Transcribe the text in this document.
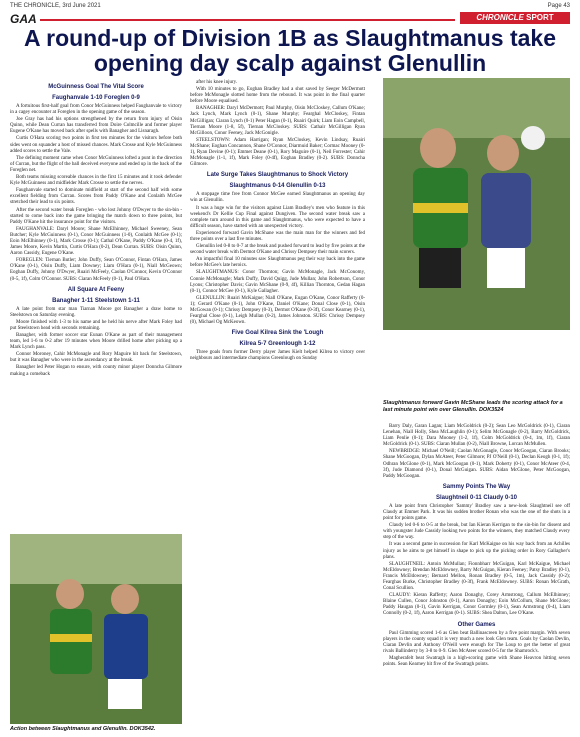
THE CHRONICLE, 3rd June 2021	Page 43
GAA	CHRONICLE SPORT
A round-up of Division 1B as Slaughtmanus take opening day scalp against Glenullin
McGuinness Goal The Vital Score
Faughanvale 1-10 Foreglen 0-9

A fortuitous first-half goal from Conor McGuinness helped Faughanvale to victory in a cagey encounter at Foreglen in the opening game of the season.

Joe Gray has had his options strengthened by the return from injury of Oisin Quinn, while Dean Curran has transferred from Doire Colmcille and former player Eugene O'Kane has moved back after spells with Banagher and Lisnaragh.

Curtis O'Hara scoring two points in first ten minutes for the visitors before both sides went on squander a host of missed chances. Mark Crosse and Kyle McGuinness added scores to settle the Vale.

The defining moment came when Conor McGuinness lofted a punt in the direction of Curran, but the flight of the ball deceived everyone and ended up in the back of the Foreglen net.

Both teams missing scoreable chances in the first 15 minutes and it took defender Kyle McGuinness and midfielder Mark Crosse to settle the nerves.

Faughanvale started to dominate midfield at start of the second half with some excellent fielding from Curran. Scores from Paddy O'Kane and Conlaith McGee stretched their lead to six points.

After the second water break Foreglen - who lost Johnny O'Dwyer to the sin-bin - started to come back into the game bringing the match down to three points, but Paddy O'Kane hit the insurance point for the visitors.

FAUGHANVALE: Daryl Moore; Shane McElhinney, Michael Sweeney, Sean Butcher; Kyle McGuinness (0-1), Conor McGuinness (1-0), Conlaith McGee (0-1); Eoin McElhinney (0-1), Mark Crosse (0-1); Cathal O'Kane, Paddy O'Kane (0-4, 1f), James Moore, Kevin Martin, Curtis O'Hara (0-2), Dean Curran. SUBS: Oisin Quinn, Aaron Cassidy, Eugene O'Kane.

FOREGLEN: Tiernan Butler; John Duffy, Sean O'Connor, Fintan O'Hara, James O'Kane (0-1), Oisin Duffy, Liam Downey; Liam O'Hara (0-1), Niall McGeown; Eoghan Duffy, Johnny O'Dwyer, Ruairi McFeely, Caolan O'Connor, Kevin O'Connor (0-5, 1f), Colm O'Connor. SUBS: Ciaran McFeely (0-1), Paul O'Hara.

All Square At Feeny
Banagher 1-11 Steelstown 1-11

A late point from star man Tiarnan Moore got Banagher a draw home to Steelstown on Saturday evening.

Moore finished with 1-3 to his name and he held his nerve after Mark Foley had put Steelstown head with seconds remaining.

Banagher, with former soccer star Eunan O'Kane as part of their management team, led 1-6 to 0-2 after 19 minutes when Moore drilled home after picking up a Mark Lynch pass.

Connor Moroney, Cahir McMonagle and Rory Maguire hit back for Steelstown, but it was Banagher who were in the ascendancy at the break.

Banagher led Peter Hogan to ensure, with county minor player Donncha Gilmore making a comeback

after his knee injury.

With 10 minutes to go, Eoghan Bradley had a shot saved by Seeger McDermott before McMonagle slotted home from the rebound. It was point in the final quarter before Moore equalised.

BANAGHER: Daryl McDermott; Paul Murphy, Oisin McCloskey, Callum O'Kane; Jack Lynch, Mark Lynch (0-1), Shane Murphy; Fearghal McCloskey, Fintan McGilligan; Ciaran Lynch (0-1) Peter Hagan (0-1), Ruairi Quirk; Liam Eoin Campbell, Tiernan Moore (1-8, 5f), Tiernan McCloskey. SUBS: Cathair McGilligan Ryan McGilloon, Conor Feeney, Jack McGonigle.

STEELSTOWN: Adam Harrigan; Ryan McCloskey, Kevin Lindsay, Ruairi McShane; Eoghan Concannon, Shane O'Connor, Diarmuid Baker; Cormac Mooney (0-1), Ryan Devine (0-1); Emmet Deane (0-1), Rory Maguire (0-1), Neil Forrester; Cahir McMonagle (1-1, 1f), Mark Foley (0-4f), Eoghan Bradley (0-2). SUBS: Donncha Gilmore.

Late Surge Takes Slaughtmanus to Shock Victory
Slaughtmanus 0-14 Glenullin 0-13

A stoppage time free from Connor McGee earned Slaughtmanus an opening day win at Glenullin.

It was a huge win for the visitors against Liam Bradley's men who feature in this weekend's Dr Kellie Cup Final against Dungiven. The second water break saw a complete turn around in this game and Slaughtmanus, who were expected to have a difficult season, have started with an unexpected victory.

Experienced forward Gavin McShane was the main man for the winners and fed three points over a last five minutes.

Glenullin led 0-8 to 0-7 at the break and pushed forward to lead by five points at the second water break with Dermot O'Kane and Chrissy Dempsey their main scorers.

An impactful final 10 minutes saw Slaughtmanus peg their way back into the game before McGee's late heroics.

SLAUGHTMANUS: Conor Thornton; Gavin McMonagle, Jack McConomy, Connie McMonagle; Mark Duffy, David Quigg, Jude Mullan; John Robertson, Conor Lyons; Christopher Davis; Gavin McShane (0-9, 4f), Killian Thornton, Gedan Hagan (0-1), Connor McGee (0-1), Kyle Gallagher.

GLENULLIN: Ruairi McKaigue; Niall O'Kane, Eugan O'Kane, Conor Rafferty (0-1); Gerard O'Kane (0-1), John O'Kane, Daniel O'Kane; Donal Close (0-1), Oisin McGowan (0-1); Chrissy Dempsey (0-3), Dermot O'Kane (0-3f), Conor Kearney (0-1), Fearghal Close (0-1), Leigh Mullan (0-2), James Johnston. SUBS: Chrissy Dempsey (0), Michael Og McKeown.

Five Goal Kilrea Sink the 'Lough
Kilrea 5-7 Greenlough 1-12

Three goals from former Derry player James Kielt helped Kilrea to victory over neighbours and intermediate champions Greenlough on Sunday

Slaughtmanus forward Gavin McShane leads the scoring attack for a last minute point win over Glenullin. DOK3524

Barry Daly, Garan Lagan; Liam McGoldrick (0-2); Sean Leo McGoldrick (0-1), Ciaran Lenehan, Niall Holly, Shea McLaughlin (0-1); Selim McGonagle (0-2), Barry McGoldrick, Liam Penlie (0-1); Dara Mooney (1-2, 1f), Colm McGoldrick (0-4, 1m, 1f), Ciaran McGoldrick (0-1). SUBS: Ciaran Mullan (0-2), Niall Browne, Lorcan McMullen.

NEWBRIDGE: Michael O'Neill; Caolan McGonagle, Conor McGoogan, Ciaran Brooks; Shane McGoogan, Dylan McAteer, Peter Gilmore; PJ O'Neill (0-1), Declan Keogh (0-1, 1f); Odhran McGlone (0-1), Mark McGoogan (0-1), Mark Doherty (0-1), Conor McAteer (0-4, 3f), Jude Diamond (0-1), Donal McGuigan. SUBS: Aidan McGlone, Peter McGoogan, Paddy McGoogan.

Sammy Points The Way
Slaughtneil 0-11 Claudy 0-10

A late point from Christopher 'Sammy' Bradley saw a new-look Slaughtneil see off Claudy at Emmet Park. It was his sudden brother Ronan who was the one of the shots in a point for points game.

Claudy led 0-6 to 0-5 at the break, but Ian Kieran Kerrigan to the sin-bin for dissent and with youngster Jude Cassidy looking two points for the winners, they matched Claudy every step of the way.

It was a second game in succession for Karl McKaigue on his way back from an Achilles injury as he aims to get himself in shape to pick up the picking order in Rory Gallagher's plans.

SLAUGHTNEIL: Antoin McMullan; Fionnbharr McGuigan, Karl McKaigue, Michael McEldowney; Brendan McEldowney, Barry McGuigan, Kieran Feeney; Patsy Bradley (0-1), Francis McEldowney; Bernard Mellon, Ronan Bradley (0-5, 1m), Jack Cassidy (0-2); Fearghas Burke, Christopher Bradley (0-3f), Frank McEldowney. SUBS: Ronan McGrath, Conal Scullion.

CLAUDY: Kieran Rafferty; Aaron Donaghy, Corey Armstrong, Callum McElhinney; Blaine Cullen, Conor Johnston (0-1), Aaron Donaghy; Eoin McCollum, Shane McGlone; Paddy Haugan (0-1), Gavin Kerrigan, Conor Gormley (0-1), Sean Armstrong (0-4), Liam Connolly (0-2, 1f), Aaron Kerrigan (0-1). SUBS: Shea Dalton, Lee O'Kane.

Other Games

Paul Gimming scored 1-6 as Glen beat Ballinascreen by a five point margin. With seven players in the county squad it is very much a new look Glen team. Goals by Caolan Devlin, Ciaran Devlin and Anthony O'Neill were enough for The Loup to get the better of great rivals Ballinderry by 3-8 to 0-9. Glen McAteer scored 0-5 for the Shamrock's.

Magherafelt beat Swatragh in a high-scoring game with Shane Heavron hitting seven points. Sean Kearney hit five of the Swatragh points.

Action between Slaughtmanus and Glenullin. DOK3542.
